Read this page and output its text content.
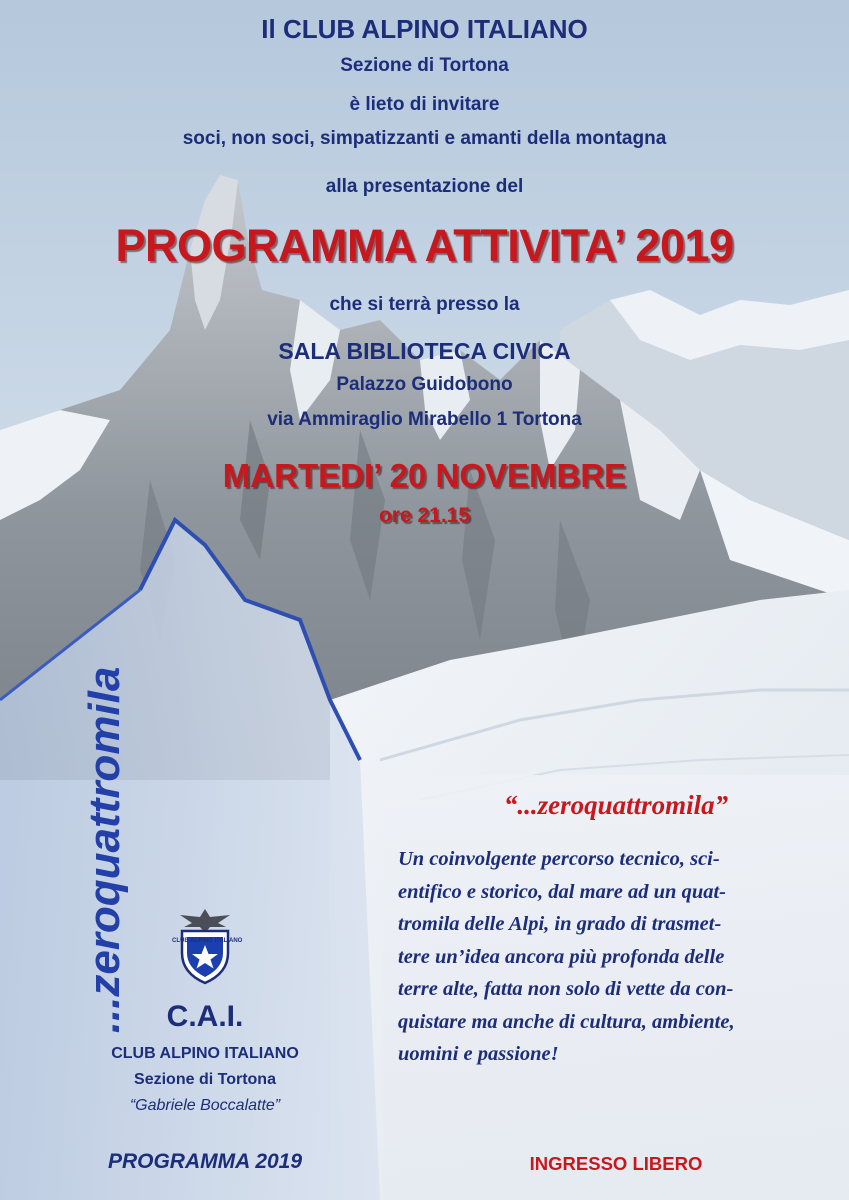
Il CLUB ALPINO ITALIANO
Sezione di Tortona
è lieto di invitare
soci, non soci, simpatizzanti e amanti della montagna
alla presentazione del
PROGRAMMA ATTIVITA’ 2019
che si terrà presso la
SALA BIBLIOTECA CIVICA
Palazzo Guidobono
via Ammiraglio Mirabello 1 Tortona
MARTEDI’ 20 NOVEMBRE
ore 21.15
...zeroquattromila	CLUB ALPINO ITALIANO
C.A.I.
CLUB ALPINO ITALIANO
Sezione di Tortona
“Gabriele Boccalatte”
PROGRAMMA 2019
“...zeroquattromila”
Un coinvolgente percorso tecnico, sci-
entifico e storico, dal mare ad un quat-
tromila delle Alpi, in grado di trasmet-
tere un’idea ancora più profonda delle
terre alte, fatta non solo di vette da con-
quistare ma anche di cultura, ambiente,
uomini e passione!
INGRESSO LIBERO
